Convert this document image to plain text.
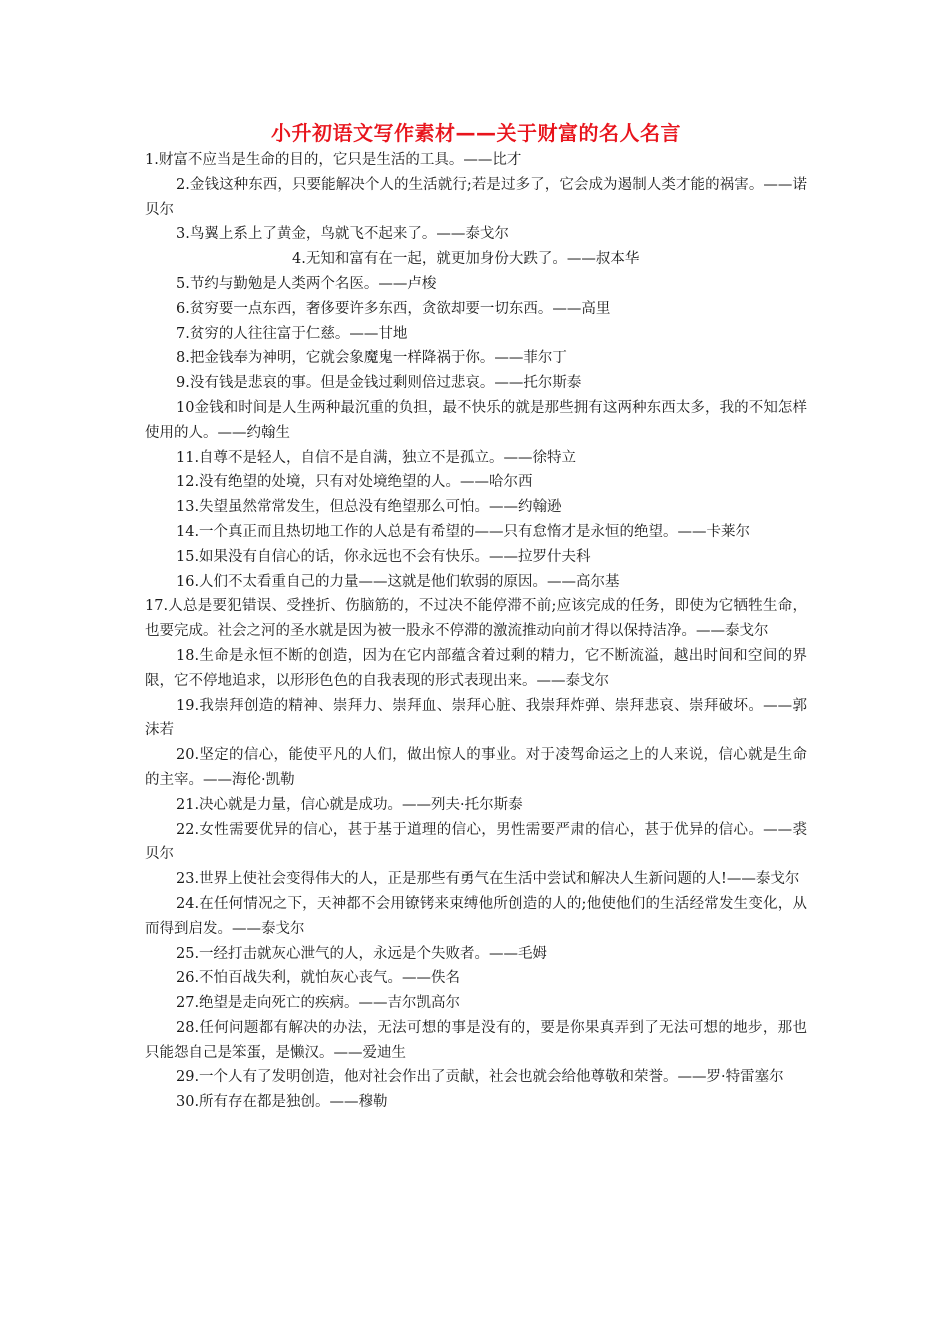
小升初语文写作素材——关于财富的名人名言

1.财富不应当是生命的目的，它只是生活的工具。——比才

2.金钱这种东西，只要能解决个人的生活就行;若是过多了，它会成为遏制人类才能的祸害。——诺贝尔

3.鸟翼上系上了黄金，鸟就飞不起来了。——泰戈尔

4.无知和富有在一起，就更加身份大跌了。——叔本华

5.节约与勤勉是人类两个名医。——卢梭

6.贫穷要一点东西，奢侈要许多东西，贪欲却要一切东西。——高里

7.贫穷的人往往富于仁慈。——甘地

8.把金钱奉为神明，它就会象魔鬼一样降祸于你。——菲尔丁

9.没有钱是悲哀的事。但是金钱过剩则倍过悲哀。——托尔斯泰

10金钱和时间是人生两种最沉重的负担，最不快乐的就是那些拥有这两种东西太多，我的不知怎样使用的人。——约翰生

11.自尊不是轻人，自信不是自满，独立不是孤立。——徐特立

12.没有绝望的处境，只有对处境绝望的人。——哈尔西

13.失望虽然常常发生，但总没有绝望那么可怕。——约翰逊

14.一个真正而且热切地工作的人总是有希望的——只有怠惰才是永恒的绝望。——卡莱尔

15.如果没有自信心的话，你永远也不会有快乐。——拉罗什夫科

16.人们不太看重自己的力量——这就是他们软弱的原因。——高尔基

17.人总是要犯错误、受挫折、伤脑筋的，不过决不能停滞不前;应该完成的任务，即使为它牺牲生命，也要完成。社会之河的圣水就是因为被一股永不停滞的激流推动向前才得以保持洁净。——泰戈尔

18.生命是永恒不断的创造，因为在它内部蕴含着过剩的精力，它不断流溢，越出时间和空间的界限，它不停地追求，以形形色色的自我表现的形式表现出来。——泰戈尔

19.我崇拜创造的精神、崇拜力、崇拜血、崇拜心脏、我崇拜炸弹、崇拜悲哀、崇拜破坏。——郭沫若

20.坚定的信心，能使平凡的人们，做出惊人的事业。对于凌驾命运之上的人来说，信心就是生命的主宰。——海伦·凯勒

21.决心就是力量，信心就是成功。——列夫·托尔斯泰

22.女性需要优异的信心，甚于基于道理的信心，男性需要严肃的信心，甚于优异的信心。——裘贝尔

23.世界上使社会变得伟大的人，正是那些有勇气在生活中尝试和解决人生新问题的人!——泰戈尔

24.在任何情况之下，天神都不会用镣铐来束缚他所创造的人的;他使他们的生活经常发生变化，从而得到启发。——泰戈尔

25.一经打击就灰心泄气的人，永远是个失败者。——毛姆

26.不怕百战失利，就怕灰心丧气。——佚名

27.绝望是走向死亡的疾病。——吉尔凯高尔

28.任何问题都有解决的办法，无法可想的事是没有的，要是你果真弄到了无法可想的地步，那也只能怨自己是笨蛋，是懒汉。——爱迪生

29.一个人有了发明创造，他对社会作出了贡献，社会也就会给他尊敬和荣誉。——罗·特雷塞尔

30.所有存在都是独创。——穆勒
